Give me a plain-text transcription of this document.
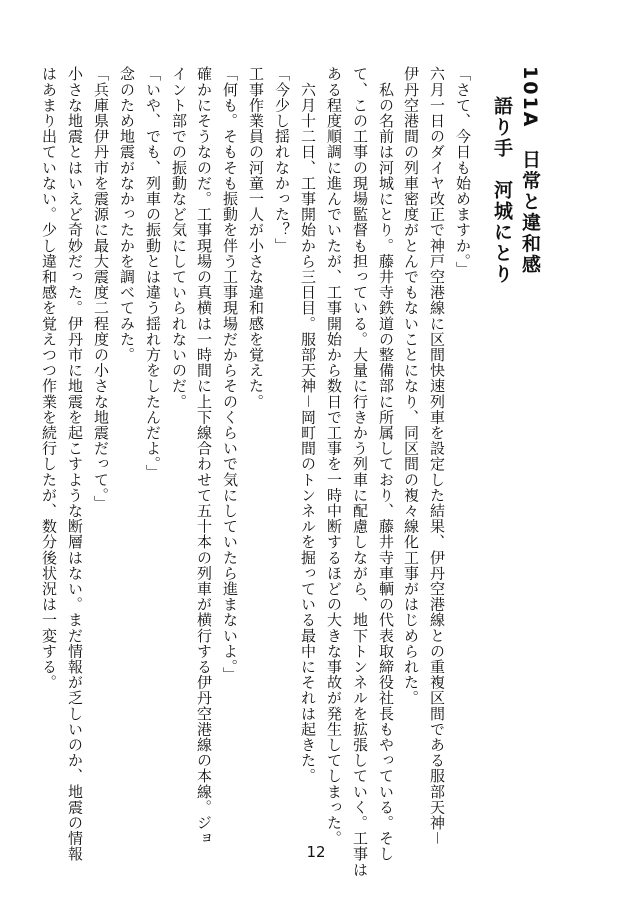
101A　日常と違和感
語り手　河城にとり
「さて、今日も始めますか。」
六月一日のダイヤ改正で神戸空港線に区間快速列車を設定した結果、伊丹空港線との重複区間である服部天神－
伊丹空港間の列車密度がとんでもないことになり、同区間の複々線化工事がはじめられた。
　私の名前は河城にとり。藤井寺鉄道の整備部に所属しており、藤井寺車輌の代表取締役社長もやっている。そし
て、この工事の現場監督も担っている。大量に行きかう列車に配慮しながら、地下トンネルを拡張していく。工事は
ある程度順調に進んでいたが、工事開始から数日で工事を一時中断するほどの大きな事故が発生してしまった。
　六月十二日、工事開始から三日目。服部天神－岡町間のトンネルを掘っている最中にそれは起きた。
「今少し揺れなかった？」
工事作業員の河童一人が小さな違和感を覚えた。
「何も。そもそも振動を伴う工事現場だからそのくらいで気にしていたら進まないよ。」
確かにそうなのだ。工事現場の真横は一時間に上下線合わせて五十本の列車が横行する伊丹空港線の本線。ジョ
イント部での振動など気にしていられないのだ。
「いや、でも、列車の振動とは違う揺れ方をしたんだよ。」
念のため地震がなかったかを調べてみた。
「兵庫県伊丹市を震源に最大震度二程度の小さな地震だって。」
小さな地震とはいえど奇妙だった。伊丹市に地震を起こすような断層はない。まだ情報が乏しいのか、地震の情報
はあまり出ていない。少し違和感を覚えつつ作業を続行したが、数分後状況は一変する。
12
